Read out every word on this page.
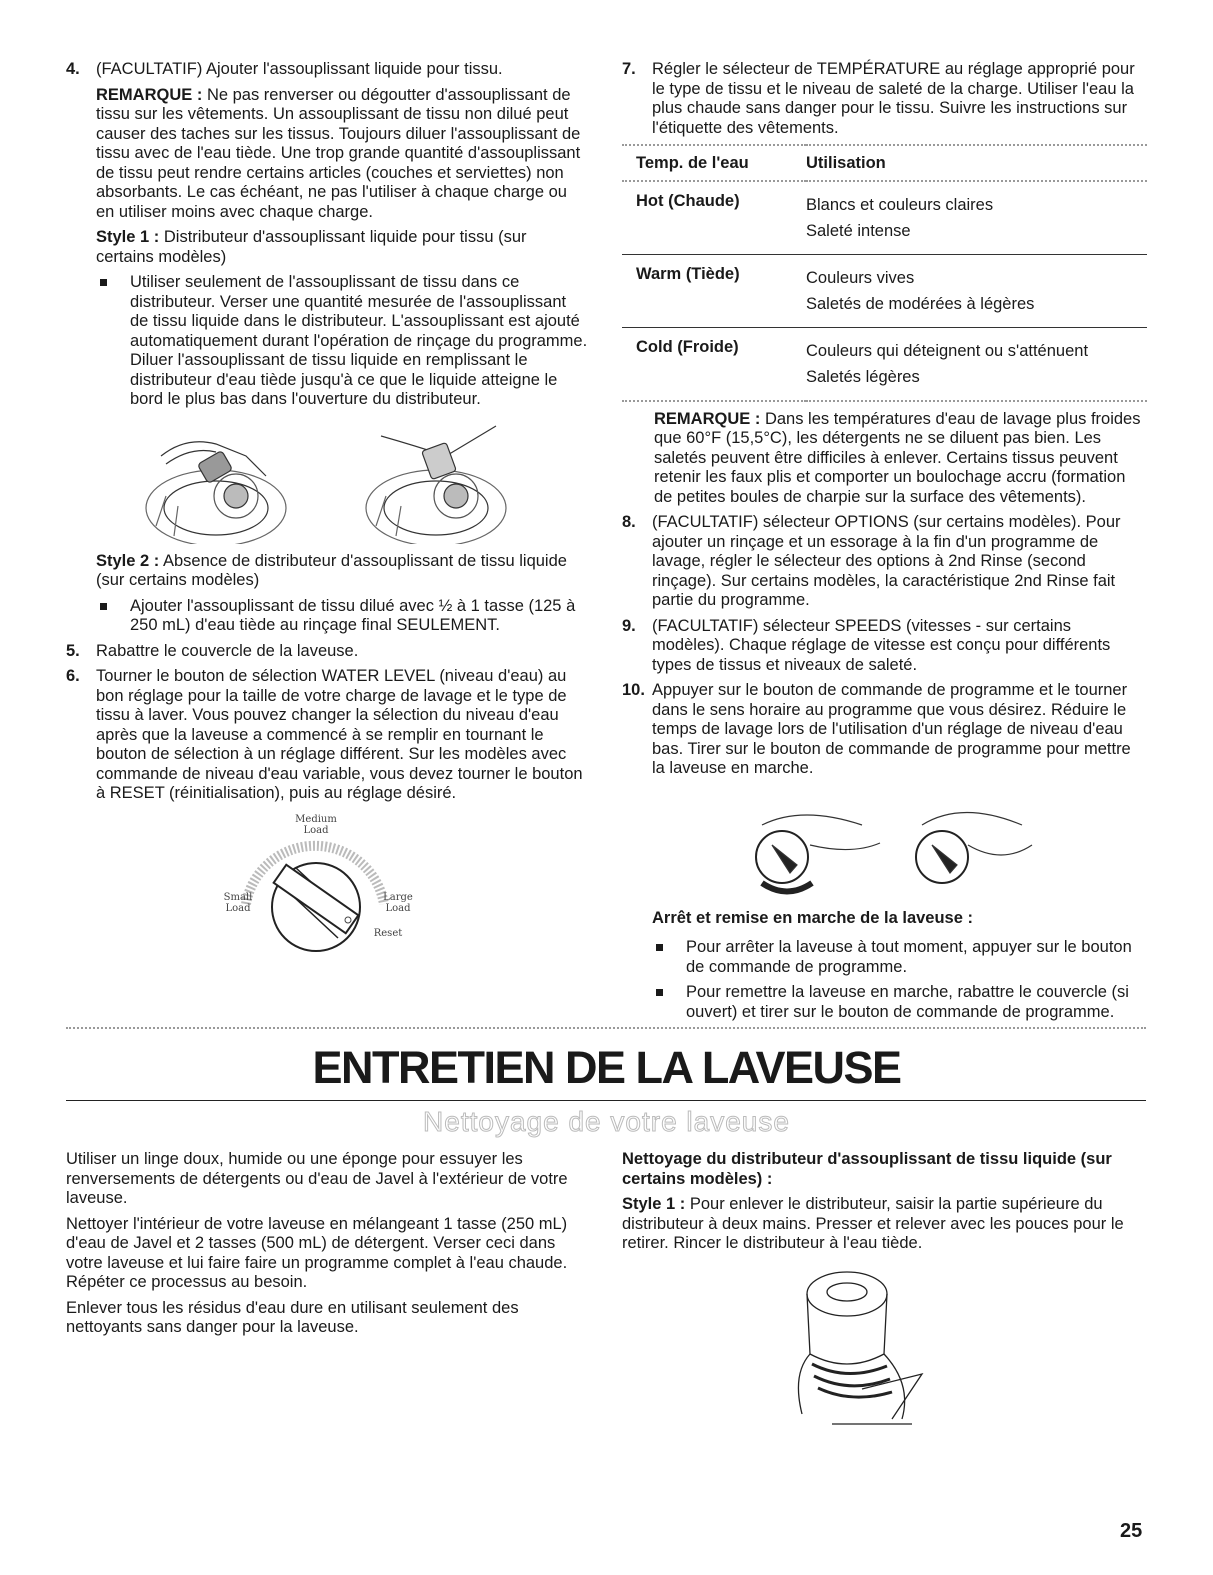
4. (FACULTATIF) Ajouter l'assouplissant liquide pour tissu.
REMARQUE : Ne pas renverser ou dégoutter d'assouplissant de tissu sur les vêtements. Un assouplissant de tissu non dilué peut causer des taches sur les tissus. Toujours diluer l'assouplissant de tissu avec de l'eau tiède. Une trop grande quantité d'assouplissant de tissu peut rendre certains articles (couches et serviettes) non absorbants. Le cas échéant, ne pas l'utiliser à chaque charge ou en utiliser moins avec chaque charge.
Style 1 : Distributeur d'assouplissant liquide pour tissu (sur certains modèles)
Utiliser seulement de l'assouplissant de tissu dans ce distributeur. Verser une quantité mesurée de l'assouplissant de tissu liquide dans le distributeur. L'assouplissant est ajouté automatiquement durant l'opération de rinçage du programme. Diluer l'assouplissant de tissu liquide en remplissant le distributeur d'eau tiède jusqu'à ce que le liquide atteigne le bord le plus bas dans l'ouverture du distributeur.
Style 2 : Absence de distributeur d'assouplissant de tissu liquide (sur certains modèles)
Ajouter l'assouplissant de tissu dilué avec ½ à 1 tasse (125 à 250 mL) d'eau tiède au rinçage final SEULEMENT.
5. Rabattre le couvercle de la laveuse.
6. Tourner le bouton de sélection WATER LEVEL (niveau d'eau) au bon réglage pour la taille de votre charge de lavage et le type de tissu à laver. Vous pouvez changer la sélection du niveau d'eau après que la laveuse a commencé à se remplir en tournant le bouton de sélection à un réglage différent. Sur les modèles avec commande de niveau d'eau variable, vous devez tourner le bouton à RESET (réinitialisation), puis au réglage désiré.
Medium
Load
Small
Load
Large
Load
Reset
7. Régler le sélecteur de TEMPÉRATURE au réglage approprié pour le type de tissu et le niveau de saleté de la charge. Utiliser l'eau la plus chaude sans danger pour le tissu. Suivre les instructions sur l'étiquette des vêtements.
Temp. de l'eau	Utilisation
Hot (Chaude)	Blancs et couleurs claires
Saleté intense

Warm (Tiède)	Couleurs vives
Saletés de modérées à légères

Cold (Froide)	Couleurs qui déteignent ou s'atténuent
Saletés légères
REMARQUE : Dans les températures d'eau de lavage plus froides que 60°F (15,5°C), les détergents ne se diluent pas bien. Les saletés peuvent être difficiles à enlever. Certains tissus peuvent retenir les faux plis et comporter un boulochage accru (formation de petites boules de charpie sur la surface des vêtements).
8. (FACULTATIF) sélecteur OPTIONS (sur certains modèles). Pour ajouter un rinçage et un essorage à la fin d'un programme de lavage, régler le sélecteur des options à 2nd Rinse (second rinçage). Sur certains modèles, la caractéristique 2nd Rinse fait partie du programme.
9. (FACULTATIF) sélecteur SPEEDS (vitesses - sur certains modèles). Chaque réglage de vitesse est conçu pour différents types de tissus et niveaux de saleté.
10. Appuyer sur le bouton de commande de programme et le tourner dans le sens horaire au programme que vous désirez. Réduire le temps de lavage lors de l'utilisation d'un réglage de niveau d'eau bas. Tirer sur le bouton de commande de programme pour mettre la laveuse en marche.

Arrêt et remise en marche de la laveuse :

Pour arrêter la laveuse à tout moment, appuyer sur le bouton de commande de programme.
Pour remettre la laveuse en marche, rabattre le couvercle (si ouvert) et tirer sur le bouton de commande de programme.
ENTRETIEN DE LA LAVEUSE
Nettoyage de votre laveuse

Utiliser un linge doux, humide ou une éponge pour essuyer les renversements de détergents ou d'eau de Javel à l'extérieur de votre laveuse.

Nettoyer l'intérieur de votre laveuse en mélangeant 1 tasse (250 mL) d'eau de Javel et 2 tasses (500 mL) de détergent. Verser ceci dans votre laveuse et lui faire faire un programme complet à l'eau chaude. Répéter ce processus au besoin.

Enlever tous les résidus d'eau dure en utilisant seulement des nettoyants sans danger pour la laveuse.

Nettoyage du distributeur d'assouplissant de tissu liquide (sur certains modèles) :

Style 1 : Pour enlever le distributeur, saisir la partie supérieure du distributeur à deux mains. Presser et relever avec les pouces pour le retirer. Rincer le distributeur à l'eau tiède.

25
